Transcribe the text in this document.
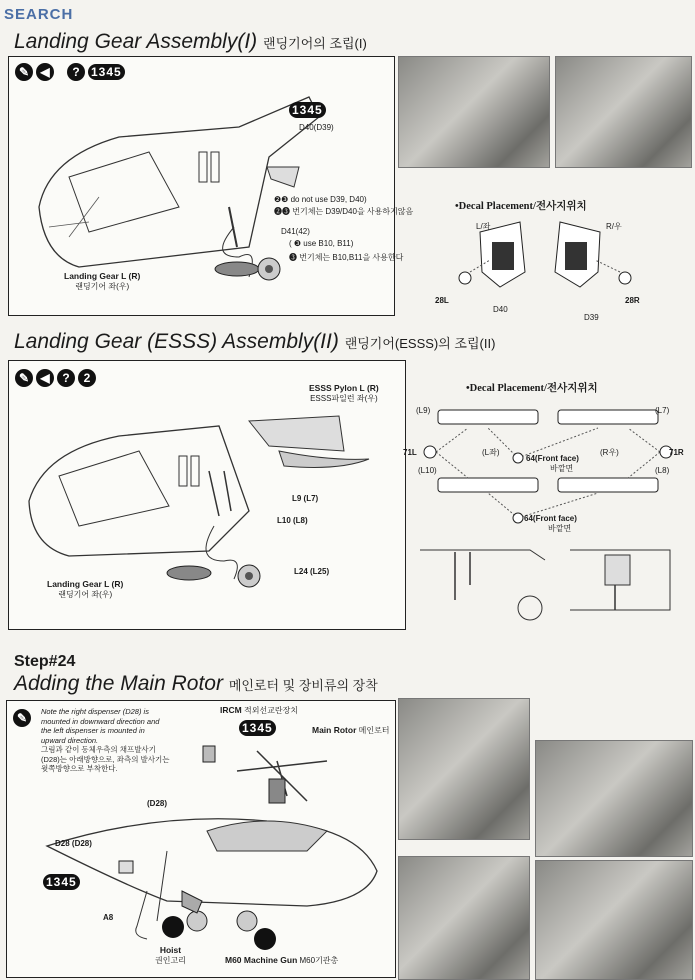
SEARCH
Landing Gear Assembly(I) 랜딩기어의 조립(I)
✎ ◀	? 1345
1345
D40(D39)
❷❸ do not use D39, D40)
❷❸ 번기체는 D39/D40을 사용하지않음
D41(42)
( ❸ use B10, B11)
❸ 번기체는 B10,B11을 사용한다
Landing Gear L (R)
랜딩기어 좌(우)
•Decal Placement/전사지위치
L/좌	R/우
28L	28R
D40
D39
Landing Gear (ESSS) Assembly(II) 랜딩기어(ESSS)의 조립(II)
✎ ◀	?	2
ESSS Pylon L (R)
ESSS파일런 좌(우)
L9 (L7)
L10 (L8)
L24 (L25)
Landing Gear L (R)
랜딩기어 좌(우)
•Decal Placement/전사지위치
(L9)	(L7)
71L	71R
(L좌)	(R우)
64(Front face)
바깥면
(L10)	(L8)
64(Front face)
바깥면
Step#24
Adding the Main Rotor 메인로터 및 장비류의 장착
✎	Note the right dispenser (D28) is mounted in downward direction and the left dispenser is mounted in upward direction.
그림과 같이 동체우측의 채프발사기(D28)는 아래방향으로, 좌측의 발사기는 윗쪽방향으로 부착한다.
IRCM 적외선교란장치
1345	Main Rotor 메인로터
(D28)
D28 (D28)
1345
A8
Hoist
권인고리	M60 Machine Gun M60기관총
